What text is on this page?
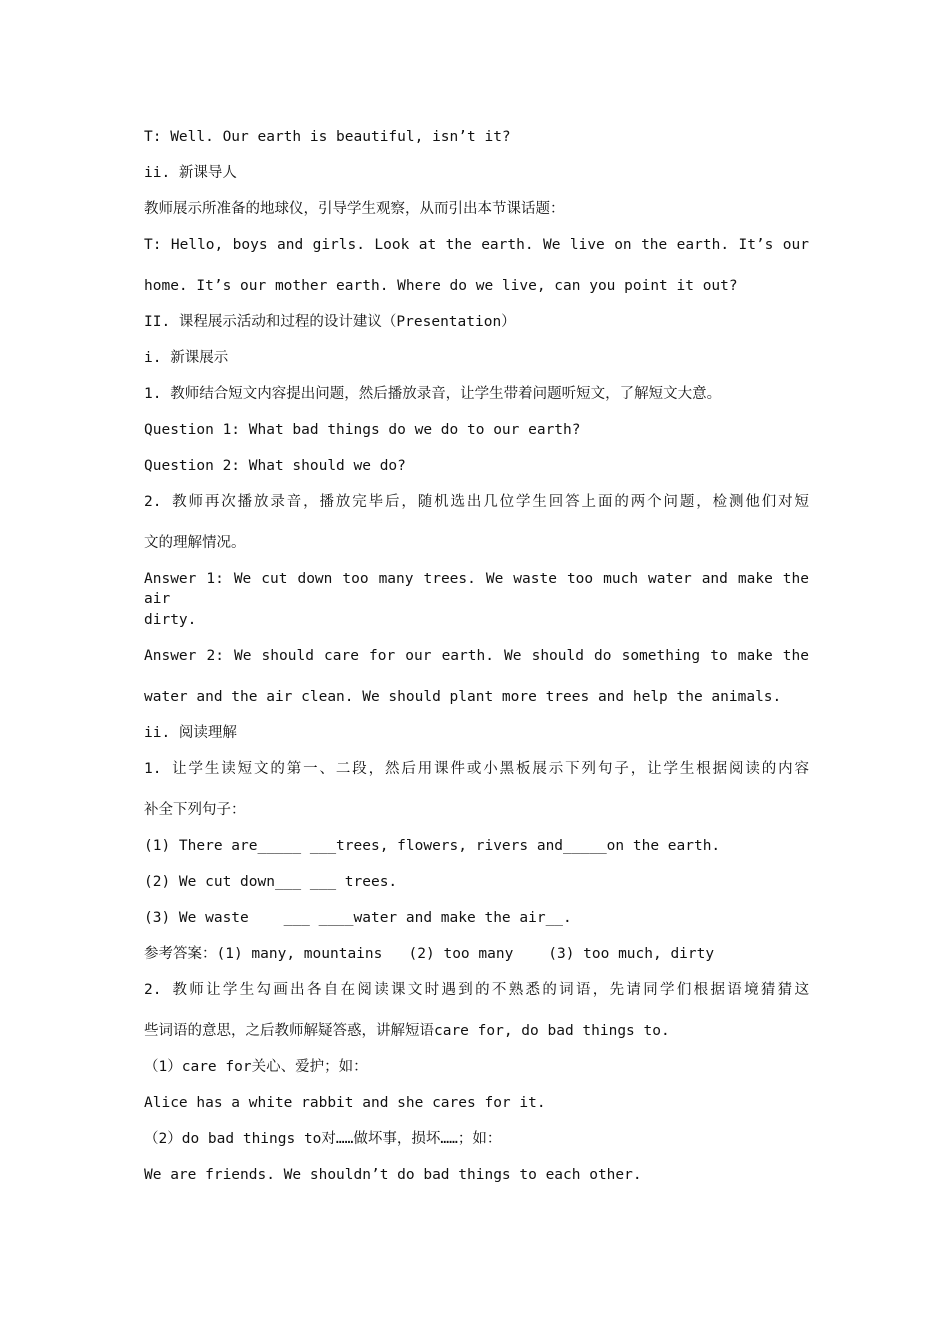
T: Well. Our earth is beautiful, isn’t it?
ii. 新课导人
教师展示所准备的地球仪，引导学生观察，从而引出本节课话题：
T: Hello, boys and girls. Look at the earth. We live on the earth. It’s our
home. It’s our mother earth. Where do we live, can you point it out?
II. 课程展示活动和过程的设计建议（Presentation）
i. 新课展示
1. 教师结合短文内容提出问题，然后播放录音，让学生带着问题听短文，了解短文大意。
Question 1: What bad things do we do to our earth?
Question 2: What should we do?
2. 教师再次播放录音，播放完毕后，随机选出几位学生回答上面的两个问题，检测他们对短
文的理解情况。
Answer 1: We cut down too many trees. We waste too much water and make the air
dirty.
Answer 2: We should care for our earth. We should do something to make the
water and the air clean. We should plant more trees and help the animals.
ii. 阅读理解
1. 让学生读短文的第一、二段，然后用课件或小黑板展示下列句子，让学生根据阅读的内容
补全下列句子：
(1) There are_____ ___trees, flowers, rivers and_____on the earth.
(2) We cut down___ ___ trees.
(3) We waste    ___ ____water and make the air__.
参考答案：(1) many, mountains   (2) too many    (3) too much, dirty
2. 教师让学生勾画出各自在阅读课文时遇到的不熟悉的词语，先请同学们根据语境猜猜这
些词语的意思，之后教师解疑答惑，讲解短语care for, do bad things to.
（1）care for关心、爱护；如：
Alice has a white rabbit and she cares for it.
（2）do bad things to对……做坏事，损坏……；如：
We are friends. We shouldn’t do bad things to each other.
